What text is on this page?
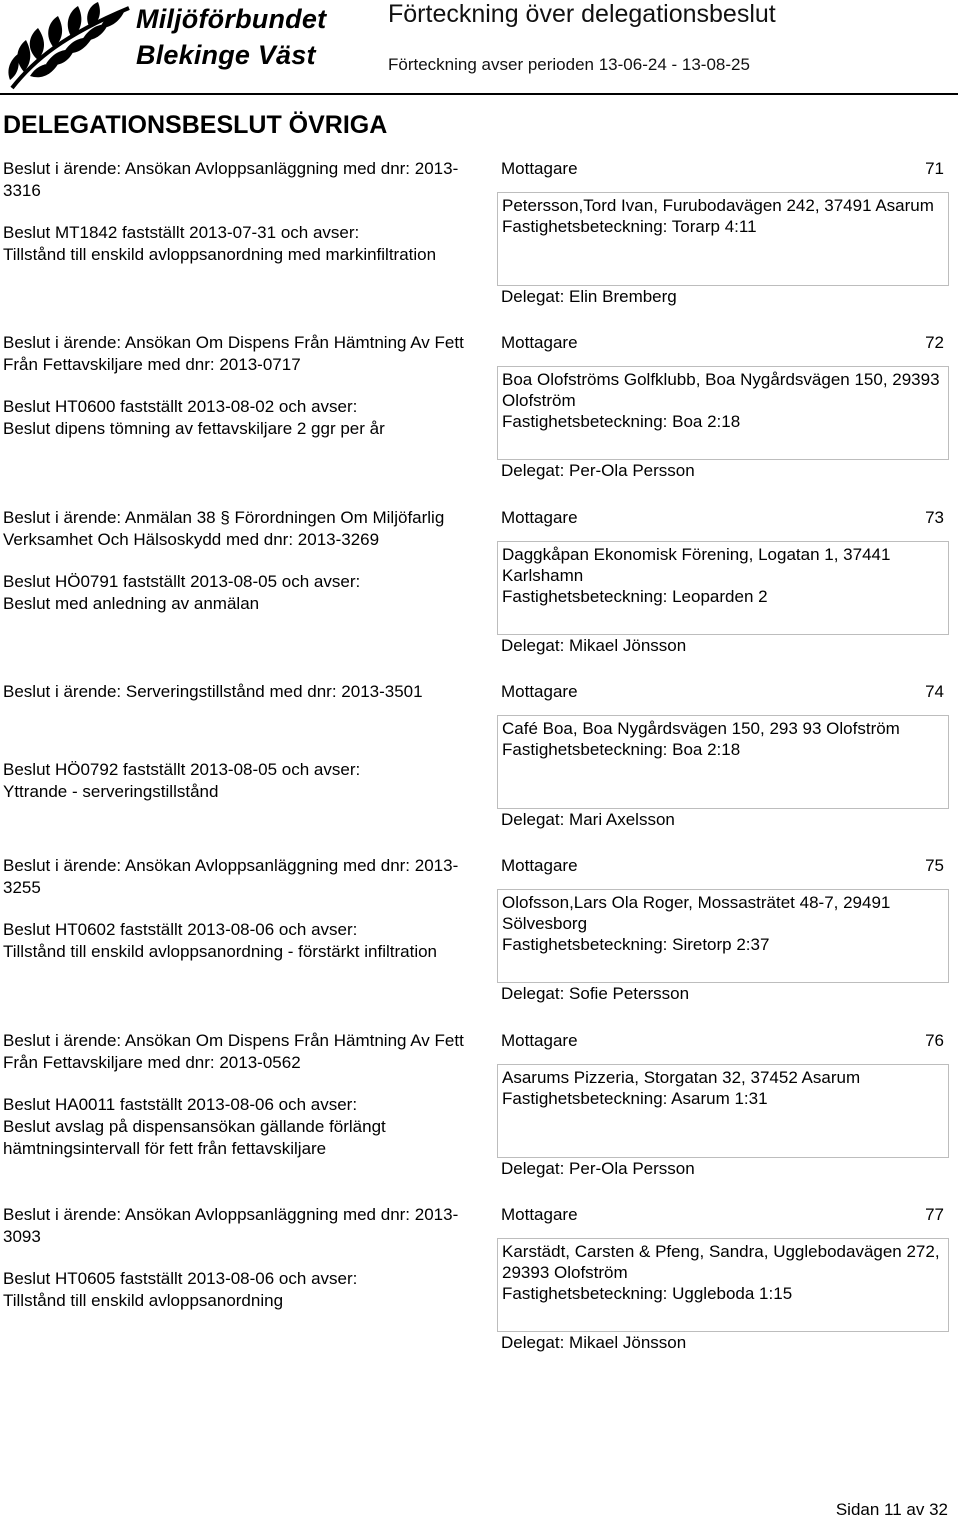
Miljöförbundet
Blekinge Väst
Förteckning över delegationsbeslut
Förteckning avser perioden 13-06-24 - 13-08-25
DELEGATIONSBESLUT ÖVRIGA
Beslut i ärende: Ansökan Avloppsanläggning med dnr: 2013-3316
Beslut MT1842 fastställt 2013-07-31 och avser:
Tillstånd till enskild avloppsanordning med markinfiltration
Mottagare	71
Petersson,Tord Ivan, Furubodavägen 242, 37491 Asarum
Fastighetsbeteckning: Torarp 4:11
Delegat: Elin Bremberg
Beslut i ärende: Ansökan Om Dispens Från Hämtning Av Fett Från Fettavskiljare med dnr: 2013-0717
Beslut HT0600 fastställt 2013-08-02 och avser:
Beslut dipens tömning av fettavskiljare 2 ggr per år
Mottagare	72
Boa Olofströms Golfklubb, Boa Nygårdsvägen 150, 29393 Olofström
Fastighetsbeteckning: Boa 2:18
Delegat: Per-Ola Persson
Beslut i ärende: Anmälan 38 § Förordningen Om Miljöfarlig Verksamhet Och Hälsoskydd med dnr: 2013-3269
Beslut HÖ0791 fastställt 2013-08-05 och avser:
Beslut med anledning av anmälan
Mottagare	73
Daggkåpan Ekonomisk Förening, Logatan 1, 37441 Karlshamn
Fastighetsbeteckning: Leoparden 2
Delegat: Mikael Jönsson
Beslut i ärende: Serveringstillstånd med dnr: 2013-3501
Beslut HÖ0792 fastställt 2013-08-05 och avser:
Yttrande - serveringstillstånd
Mottagare	74
Café Boa, Boa Nygårdsvägen 150, 293 93 Olofström
Fastighetsbeteckning: Boa 2:18
Delegat: Mari Axelsson
Beslut i ärende: Ansökan Avloppsanläggning med dnr: 2013-3255
Beslut HT0602 fastställt 2013-08-06 och avser:
Tillstånd till enskild avloppsanordning - förstärkt infiltration
Mottagare	75
Olofsson,Lars Ola Roger, Mossasträtet 48-7, 29491 Sölvesborg
Fastighetsbeteckning: Siretorp 2:37
Delegat: Sofie Petersson
Beslut i ärende: Ansökan Om Dispens Från Hämtning Av Fett Från Fettavskiljare med dnr: 2013-0562
Beslut HA0011 fastställt 2013-08-06 och avser:
Beslut avslag på dispensansökan gällande förlängt hämtningsintervall för fett från fettavskiljare
Mottagare	76
Asarums Pizzeria, Storgatan 32, 37452 Asarum
Fastighetsbeteckning: Asarum 1:31
Delegat: Per-Ola Persson
Beslut i ärende: Ansökan Avloppsanläggning med dnr: 2013-3093
Beslut HT0605 fastställt 2013-08-06 och avser:
Tillstånd till enskild avloppsanordning
Mottagare	77
Karstädt, Carsten & Pfeng, Sandra, Ugglebodavägen 272, 29393 Olofström
Fastighetsbeteckning: Uggleboda 1:15
Delegat: Mikael Jönsson
Sidan 11 av 32
